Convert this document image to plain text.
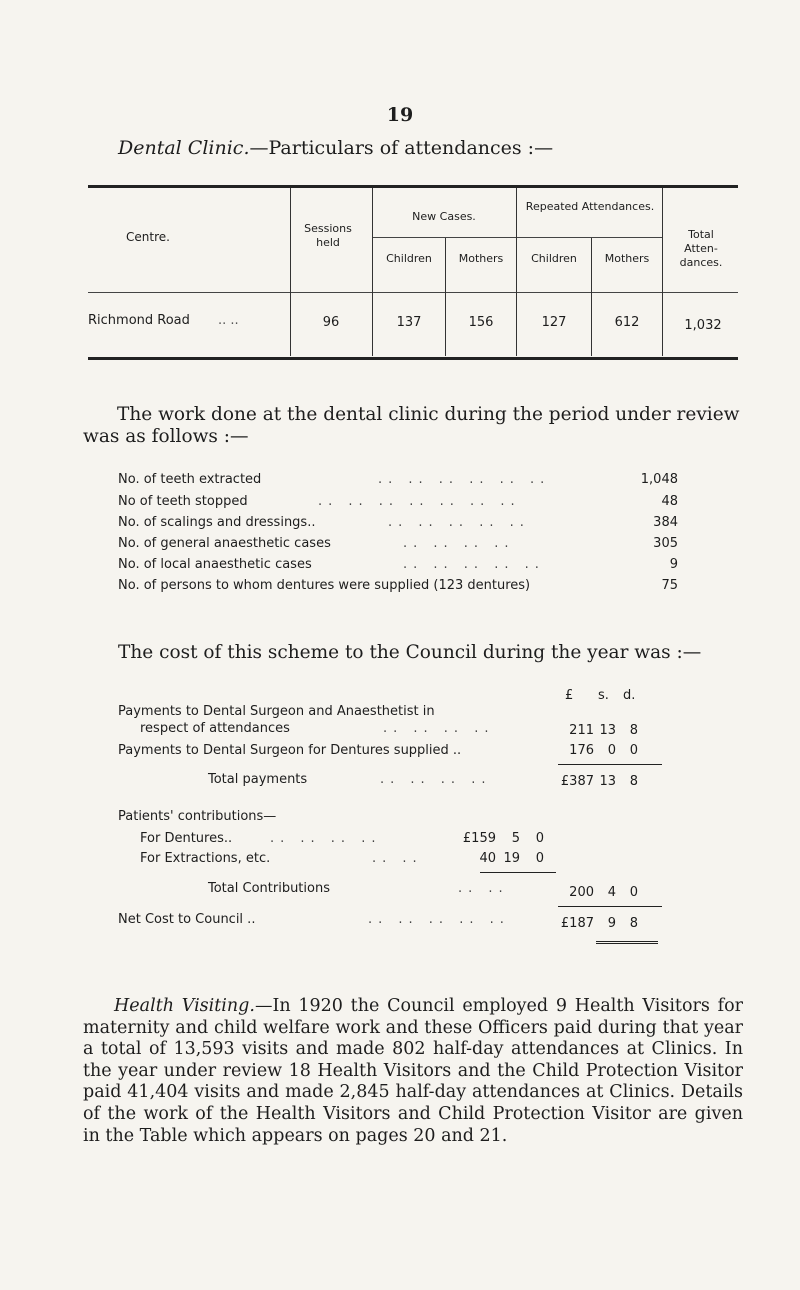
19
Dental Clinic.—Particulars of attendances :—
Centre.
Sessions held
New Cases.
Repeated Attendances.
Children	Mothers	Children	Mothers
Total Atten-dances.
Richmond Road .. ..	96	137	156	127	612	1,032
The work done at the dental clinic during the period under review was as follows :—
No. of teeth extracted	.. .. .. .. .. ..	1,048
No of teeth stopped	.. .. .. .. .. .. ..	48
No. of scalings and dressings..	.. .. .. .. ..	384
No. of general anaesthetic cases	.. .. .. ..	305
No. of local anaesthetic cases	.. .. .. .. ..	9
No. of persons to whom dentures were supplied (123 dentures)	75
The cost of this scheme to the Council during the year was :—
£ s. d.
Payments to Dental Surgeon and Anaesthetist in
respect of attendances	.. .. .. ..	211 13	8
Payments to Dental Surgeon for Dentures supplied ..	176	0	0
Total payments	.. .. .. ..	£387 13	8
Patients' contributions—
For Dentures..	.. .. .. ..	£159	5	0
For Extractions, etc.	.. ..	40 19	0
Total Contributions	.. ..	200	4	0
Net Cost to Council ..	.. .. .. .. ..	£187	9	8
Health Visiting.—In 1920 the Council employed 9 Health Visitors for maternity and child welfare work and these Officers paid during that year a total of 13,593 visits and made 802 half-day attendances at Clinics. In the year under review 18 Health Visitors and the Child Protection Visitor paid 41,404 visits and made 2,845 half-day attendances at Clinics. Details of the work of the Health Visitors and Child Protection Visitor are given in the Table which appears on pages 20 and 21.
